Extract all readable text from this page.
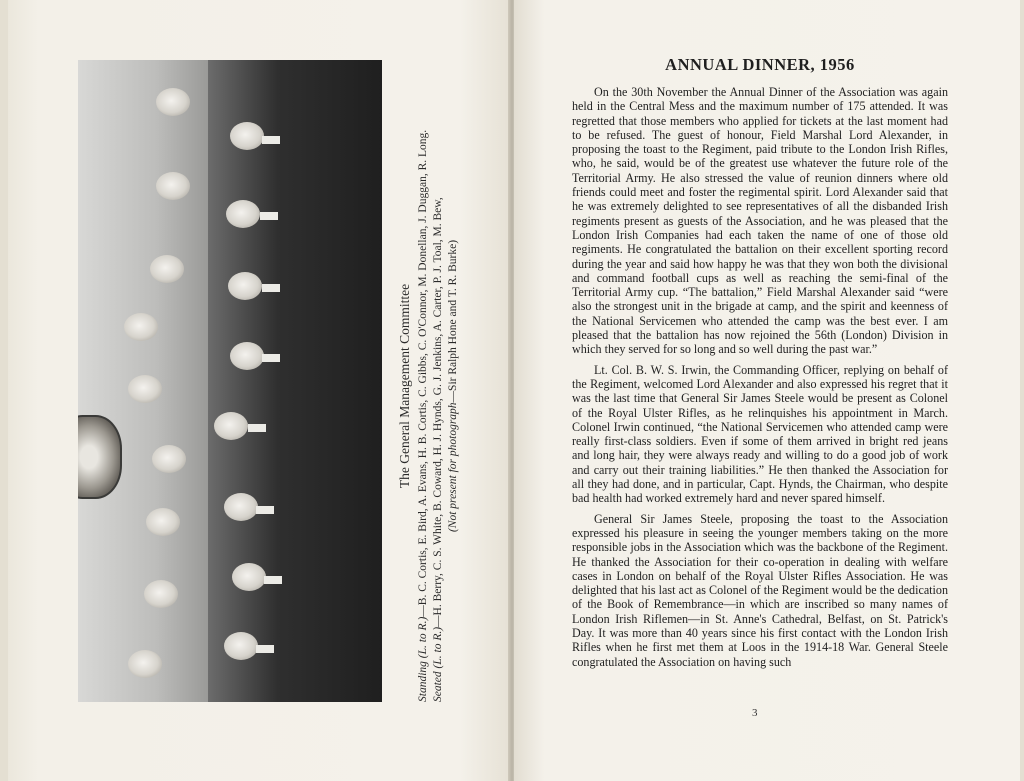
The General Management Committee
Standing (L. to R.)—B. C. Cortis, E. Bird, A. Evans, H. B. Cortis, C. Gibbs, C. O'Connor, M. Donellan, J. Duggan, R. Long.
Seated (L. to R.)—H. Berry, C. S. White, B. Coward, H. J. Hynds, G. J. Jenkins, A. Carter, P. J. Toal, M. Bew, (Not present for photograph—Sir Ralph Hone and T. R. Burke)
ANNUAL DINNER, 1956

On the 30th November the Annual Dinner of the Association was again held in the Central Mess and the maximum number of 175 attended. It was regretted that those members who applied for tickets at the last moment had to be refused. The guest of honour, Field Marshal Lord Alexander, in proposing the toast to the Regiment, paid tribute to the London Irish Rifles, who, he said, would be of the greatest use whatever the future role of the Territorial Army. He also stressed the value of reunion dinners where old friends could meet and foster the regimental spirit. Lord Alexander said that he was extremely delighted to see representatives of all the disbanded Irish regiments present as guests of the Association, and he was pleased that the London Irish Companies had each taken the name of one of those old regiments. He congratulated the battalion on their excellent sporting record during the year and said how happy he was that they won both the divisional and command football cups as well as reaching the semi-final of the Territorial Army cup. “The battalion,” Field Marshal Alexander said “were also the strongest unit in the brigade at camp, and the spirit and keenness of the National Servicemen who attended the camp was the best ever. I am pleased that the battalion has now rejoined the 56th (London) Division in which they served for so long and so well during the past war.”

Lt. Col. B. W. S. Irwin, the Commanding Officer, replying on behalf of the Regiment, welcomed Lord Alexander and also expressed his regret that it was the last time that General Sir James Steele would be present as Colonel of the Royal Ulster Rifles, as he relinquishes his appointment in March. Colonel Irwin continued, “the National Servicemen who attended camp were really first-class soldiers. Even if some of them arrived in bright red jeans and long hair, they were always ready and willing to do a good job of work and carry out their training liabilities.” He then thanked the Association for all they had done, and in particular, Capt. Hynds, the Chairman, who despite bad health had worked extremely hard and never spared himself.

General Sir James Steele, proposing the toast to the Association expressed his pleasure in seeing the younger members taking on the more responsible jobs in the Association which was the backbone of the Regiment. He thanked the Association for their co-operation in dealing with welfare cases in London on behalf of the Royal Ulster Rifles Association. He was delighted that his last act as Colonel of the Regiment would be the dedication of the Book of Remembrance—in which are inscribed so many names of London Irish Riflemen—in St. Anne's Cathedral, Belfast, on St. Patrick's Day. It was more than 40 years since his first contact with the London Irish Rifles when he first met them at Loos in the 1914-18 War. General Steele congratulated the Association on having such

3
